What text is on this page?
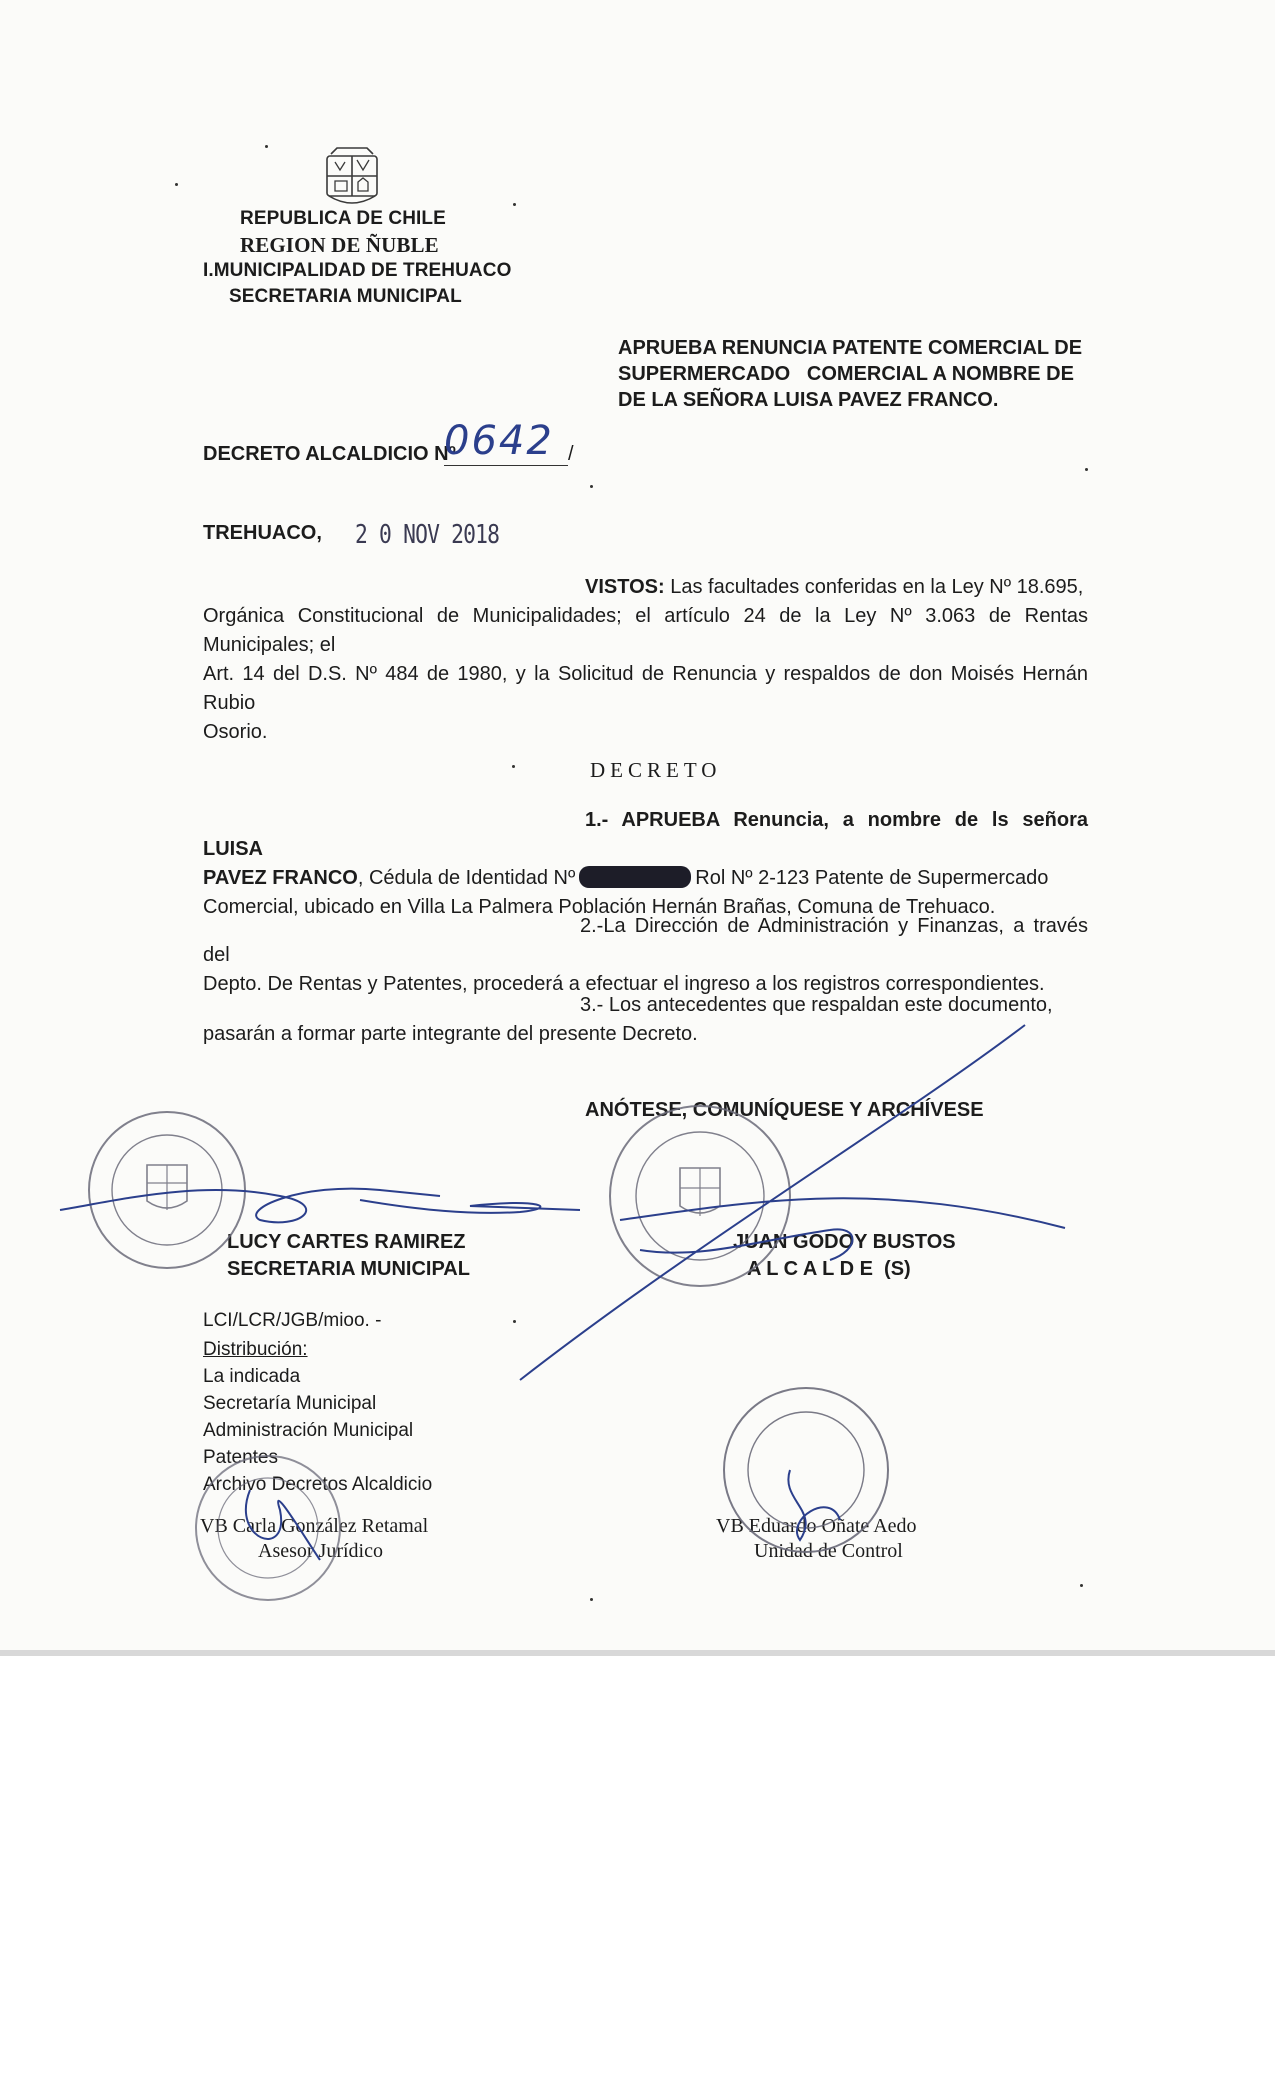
REPUBLICA DE CHILE
REGION DE ÑUBLE
I.MUNICIPALIDAD DE TREHUACO
SECRETARIA MUNICIPAL
APRUEBA RENUNCIA PATENTE COMERCIAL DE
SUPERMERCADO   COMERCIAL A NOMBRE DE
DE LA SEÑORA LUISA PAVEZ FRANCO.
DECRETO ALCALDICIO Nº
0642 /
TREHUACO, 2 0 NOV 2018
VISTOS: Las facultades conferidas en la Ley Nº 18.695,
Orgánica Constitucional de Municipalidades; el artículo 24 de la Ley Nº 3.063 de Rentas Municipales; el
Art. 14 del D.S. Nº 484 de 1980, y la Solicitud de Renuncia y respaldos de don Moisés Hernán Rubio
Osorio.
DECRETO
1.- APRUEBA Renuncia, a nombre de ls señora LUISA
PAVEZ FRANCO, Cédula de Identidad Nº	Rol Nº 2-123 Patente de Supermercado
Comercial, ubicado en Villa La Palmera Población Hernán Brañas, Comuna de Trehuaco.
2.-La Dirección de Administración y Finanzas, a través del
Depto. De Rentas y Patentes, procederá a efectuar el ingreso a los registros correspondientes.
3.- Los antecedentes que respaldan este documento,
pasarán a formar parte integrante del presente Decreto.
ANÓTESE, COMUNÍQUESE Y ARCHÍVESE
LUCY CARTES RAMIREZ
SECRETARIA MUNICIPAL
JUAN GODOY BUSTOS
A L C A L D E  (S)
LCI/LCR/JGB/mioo. -
Distribución:
La indicada
Secretaría Municipal
Administración Municipal
Patentes
Archivo Decretos Alcaldicio
VB Carla González Retamal
Asesor Jurídico
VB Eduardo Oñate Aedo
Unidad de Control
